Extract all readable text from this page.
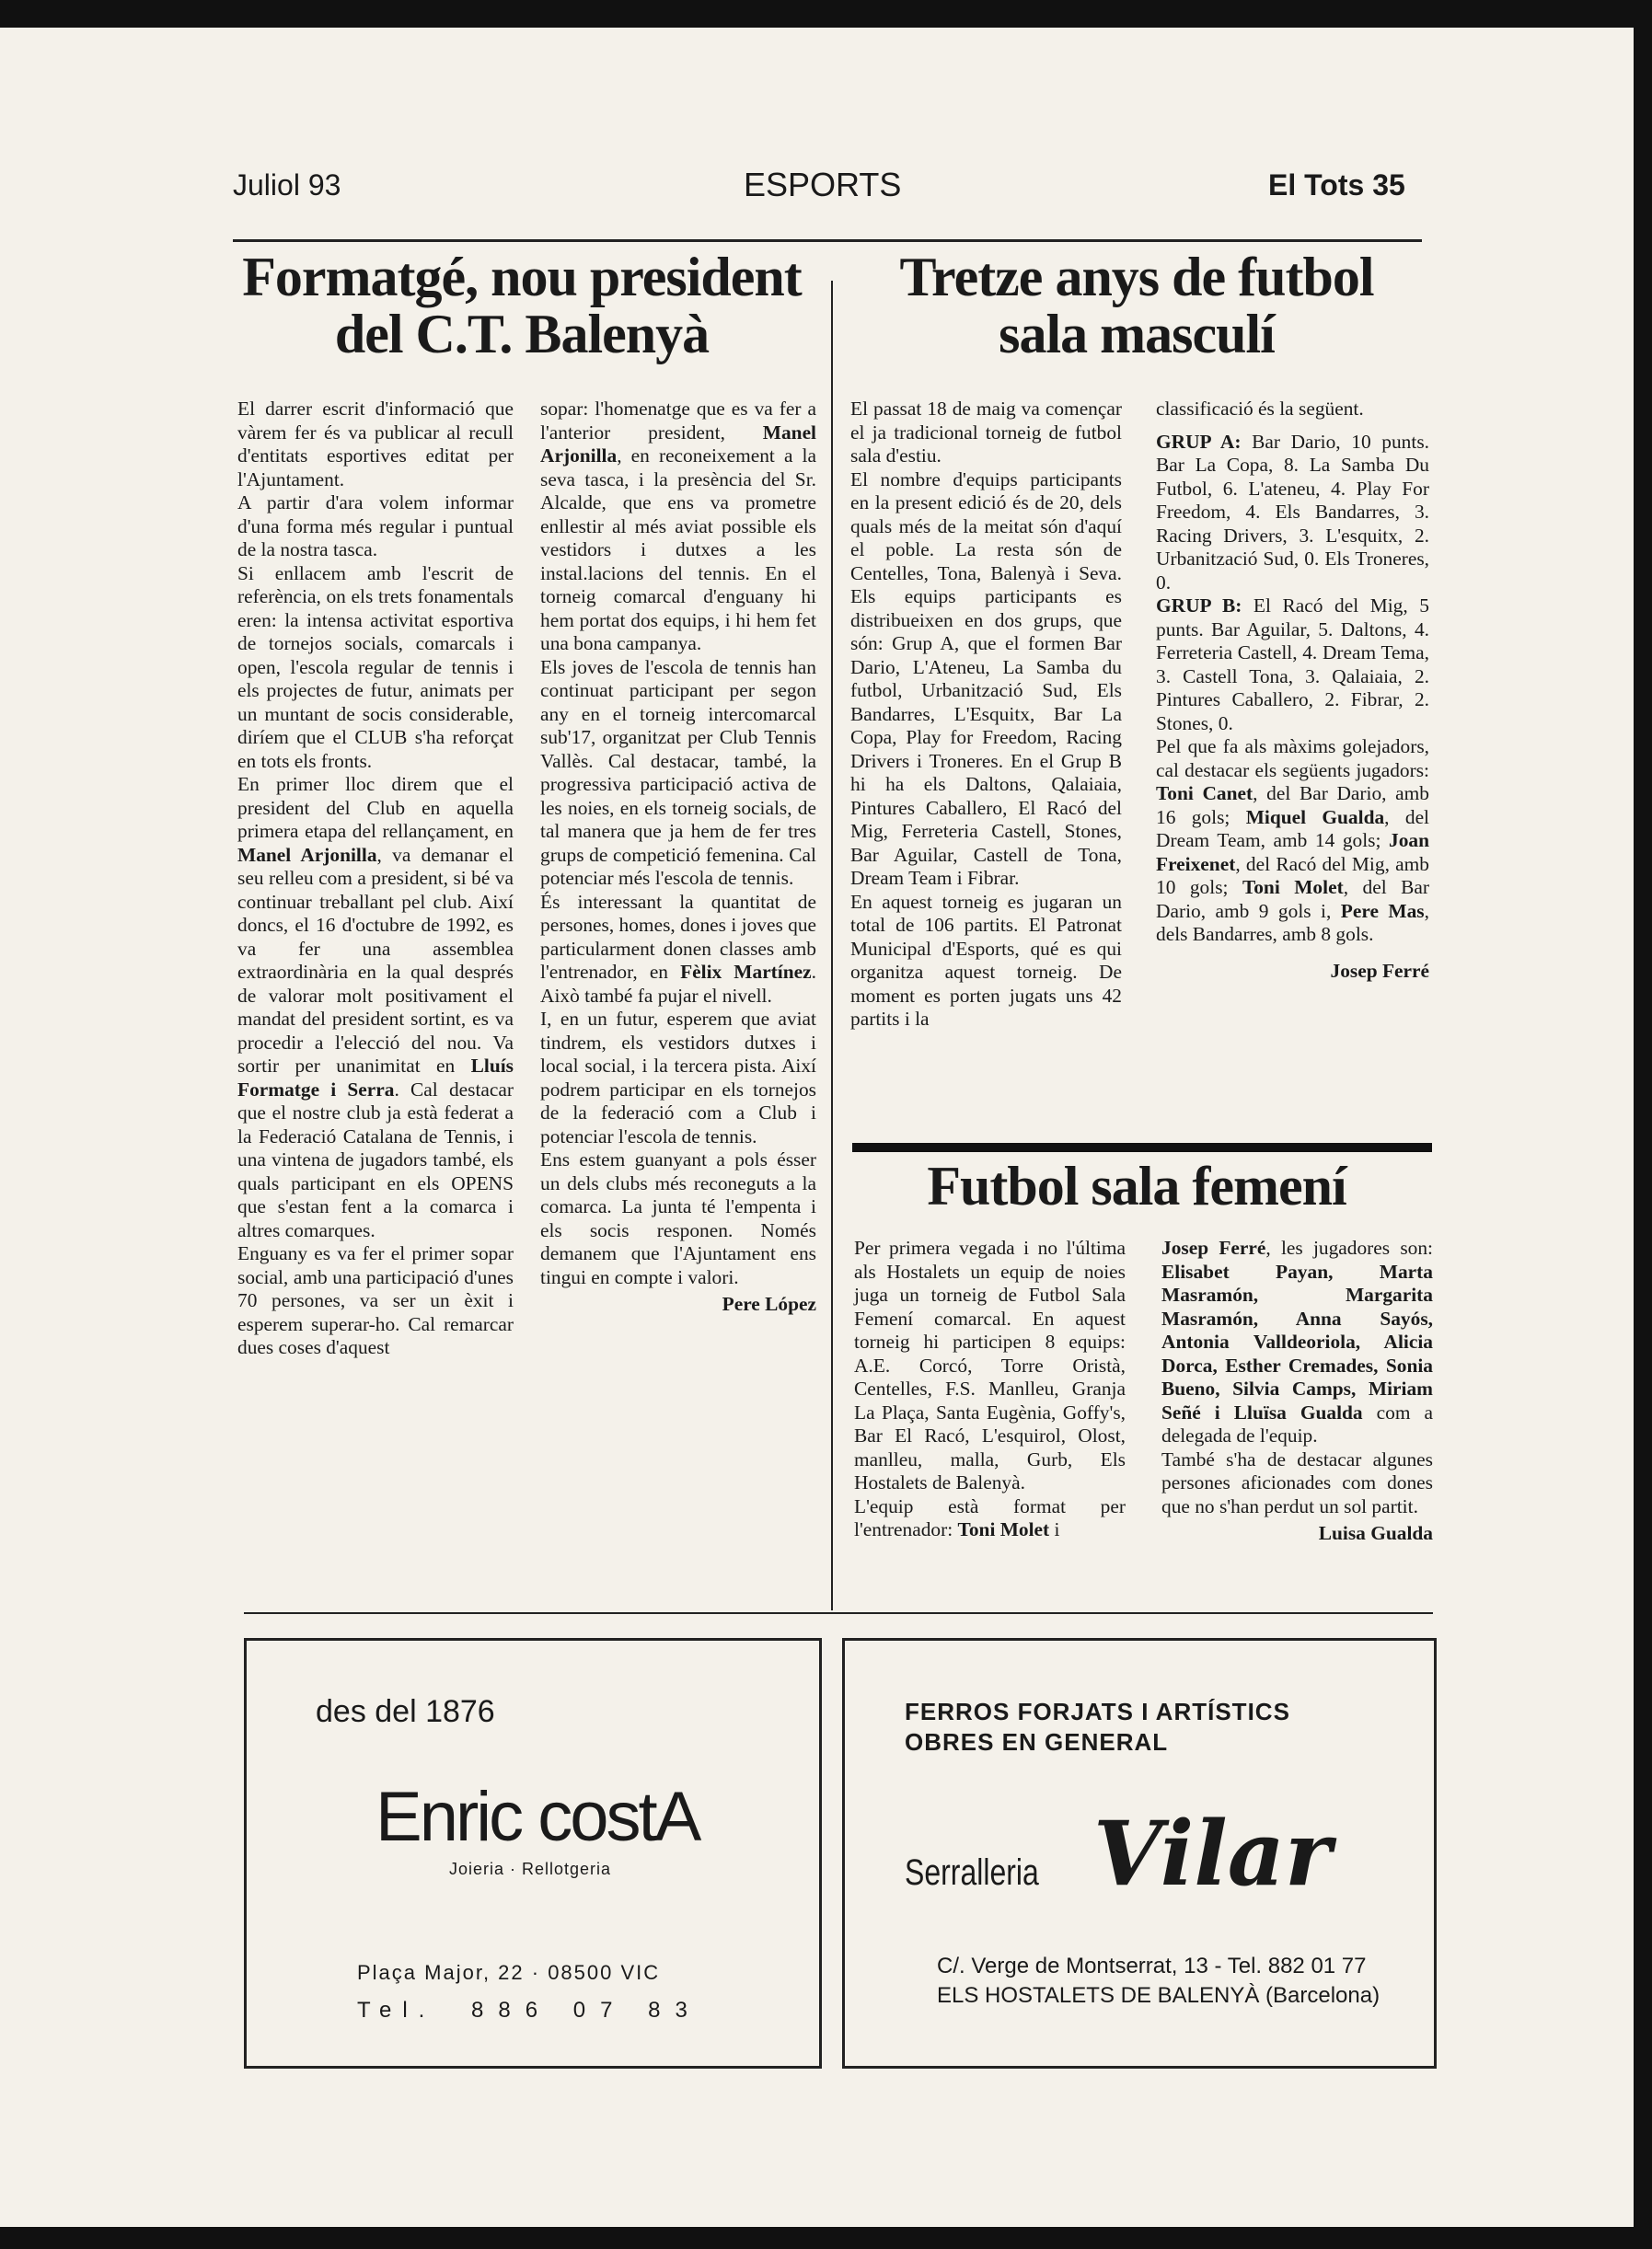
Juliol 93	ESPORTS	El Tots 35
Formatgé, nou president
del C.T. Balenyà

El darrer escrit d'informació que vàrem fer és va publicar al recull d'entitats esportives editat per l'Ajuntament.

A partir d'ara volem informar d'una forma més regular i puntual de la nostra tasca.

Si enllacem amb l'escrit de referència, on els trets fonamentals eren: la intensa activitat esportiva de tornejos socials, comarcals i open, l'escola regular de tennis i els projectes de futur, animats per un muntant de socis considerable, diríem que el CLUB s'ha reforçat en tots els fronts.

En primer lloc direm que el president del Club en aquella primera etapa del rellançament, en Manel Arjonilla, va demanar el seu relleu com a president, si bé va continuar treballant pel club. Així doncs, el 16 d'octubre de 1992, es va fer una assemblea extraordinària en la qual després de valorar molt positivament el mandat del president sortint, es va procedir a l'elecció del nou. Va sortir per unanimitat en Lluís Formatge i Serra. Cal destacar que el nostre club ja està federat a la Federació Catalana de Tennis, i una vintena de jugadors també, els quals participant en els OPENS que s'estan fent a la comarca i altres comarques.

Enguany es va fer el primer sopar social, amb una participació d'unes 70 persones, va ser un èxit i esperem superar-ho. Cal remarcar dues coses d'aquest

sopar: l'homenatge que es va fer a l'anterior president, Manel Arjonilla, en reconeixement a la seva tasca, i la presència del Sr. Alcalde, que ens va prometre enllestir al més aviat possible els vestidors i dutxes a les instal.lacions del tennis. En el torneig comarcal d'enguany hi hem portat dos equips, i hi hem fet una bona campanya.

Els joves de l'escola de tennis han continuat participant per segon any en el torneig intercomarcal sub'17, organitzat per Club Tennis Vallès. Cal destacar, també, la progressiva participació activa de les noies, en els torneig socials, de tal manera que ja hem de fer tres grups de competició femenina. Cal potenciar més l'escola de tennis.

És interessant la quantitat de persones, homes, dones i joves que particularment donen classes amb l'entrenador, en Fèlix Martínez. Això també fa pujar el nivell.

I, en un futur, esperem que aviat tindrem, els vestidors dutxes i local social, i la tercera pista. Així podrem participar en els tornejos de la federació com a Club i potenciar l'escola de tennis.

Ens estem guanyant a pols ésser un dels clubs més reconeguts a la comarca. La junta té l'empenta i els socis responen. Només demanem que l'Ajuntament ens tingui en compte i valori.

Pere López
Tretze anys de futbol
sala masculí

El passat 18 de maig va començar el ja tradicional torneig de futbol sala d'estiu.

El nombre d'equips participants en la present edició és de 20, dels quals més de la meitat són d'aquí el poble. La resta són de Centelles, Tona, Balenyà i Seva. Els equips participants es distribueixen en dos grups, que són: Grup A, que el formen Bar Dario, L'Ateneu, La Samba du futbol, Urbanització Sud, Els Bandarres, L'Esquitx, Bar La Copa, Play for Freedom, Racing Drivers i Troneres. En el Grup B hi ha els Daltons, Qalaiaia, Pintures Caballero, El Racó del Mig, Ferreteria Castell, Stones, Bar Aguilar, Castell de Tona, Dream Team i Fibrar.

En aquest torneig es jugaran un total de 106 partits. El Patronat Municipal d'Esports, qué es qui organitza aquest torneig. De moment es porten jugats uns 42 partits i la

classificació és la següent.

GRUP A: Bar Dario, 10 punts. Bar La Copa, 8. La Samba Du Futbol, 6. L'ateneu, 4. Play For Freedom, 4. Els Bandarres, 3. Racing Drivers, 3. L'esquitx, 2. Urbanització Sud, 0. Els Troneres, 0.

GRUP B: El Racó del Mig, 5 punts. Bar Aguilar, 5. Daltons, 4. Ferreteria Castell, 4. Dream Tema, 3. Castell Tona, 3. Qalaiaia, 2. Pintures Caballero, 2. Fibrar, 2. Stones, 0.

Pel que fa als màxims golejadors, cal destacar els següents jugadors: Toni Canet, del Bar Dario, amb 16 gols; Miquel Gualda, del Dream Team, amb 14 gols; Joan Freixenet, del Racó del Mig, amb 10 gols; Toni Molet, del Bar Dario, amb 9 gols i, Pere Mas, dels Bandarres, amb 8 gols.

Josep Ferré
Futbol sala femení

Per primera vegada i no l'última als Hostalets un equip de noies juga un torneig de Futbol Sala Femení comarcal. En aquest torneig hi participen 8 equips: A.E. Corcó, Torre Oristà, Centelles, F.S. Manlleu, Granja La Plaça, Santa Eugènia, Goffy's, Bar El Racó, L'esquirol, Olost, manlleu, malla, Gurb, Els Hostalets de Balenyà.

L'equip està format per l'entrenador: Toni Molet i

Josep Ferré, les jugadores son: Elisabet Payan, Marta Masramón, Margarita Masramón, Anna Sayós, Antonia Valldeoriola, Alicia Dorca, Esther Cremades, Sonia Bueno, Silvia Camps, Miriam Señé i Lluïsa Gualda com a delegada de l'equip.

També s'ha de destacar algunes persones aficionades com dones que no s'han perdut un sol partit.

Luisa Gualda
des del 1876
Enric costA
Joieria · Rellotgeria
Plaça Major, 22 · 08500 VIC
Tel. 886 07 83
FERROS FORJATS I ARTÍSTICS
OBRES EN GENERAL
Serralleria Vilar
C/. Verge de Montserrat, 13 - Tel. 882 01 77
ELS HOSTALETS DE BALENYÀ (Barcelona)
